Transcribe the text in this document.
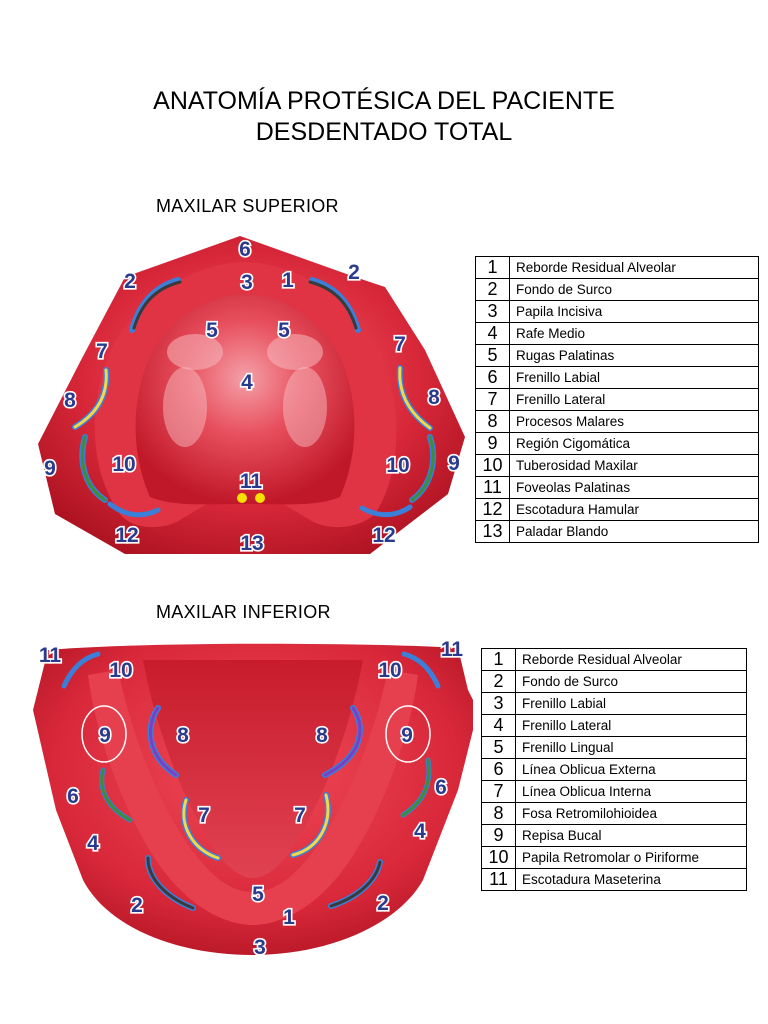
ANATOMÍA PROTÉSICA DEL PACIENTE
DESDENTADO TOTAL
MAXILAR SUPERIOR
MAXILAR INFERIOR
6
3 1
2	2
5	5
7	7
4
8	8
9	10	10 9
11
12	13	12
1	Reborde Residual Alveolar
2	Fondo de Surco
3	Papila Incisiva
4	Rafe Medio
5	Rugas Palatinas
6	Frenillo Labial
7	Frenillo Lateral
8	Procesos Malares
9	Región Cigomática
10	Tuberosidad Maxilar
11	Foveolas Palatinas
12	Escotadura Hamular
13	Paladar Blando
11
10	10
11
9	8	8	9
6	6
7	7
4
4
5
2	2
1
3
1	Reborde Residual Alveolar
2	Fondo de Surco
3	Frenillo Labial
4	Frenillo Lateral
5	Frenillo Lingual
6	Línea Oblicua Externa
7	Línea Oblicua Interna
8	Fosa Retromilohioidea
9	Repisa Bucal
10	Papila Retromolar o Piriforme
11	Escotadura Maseterina
